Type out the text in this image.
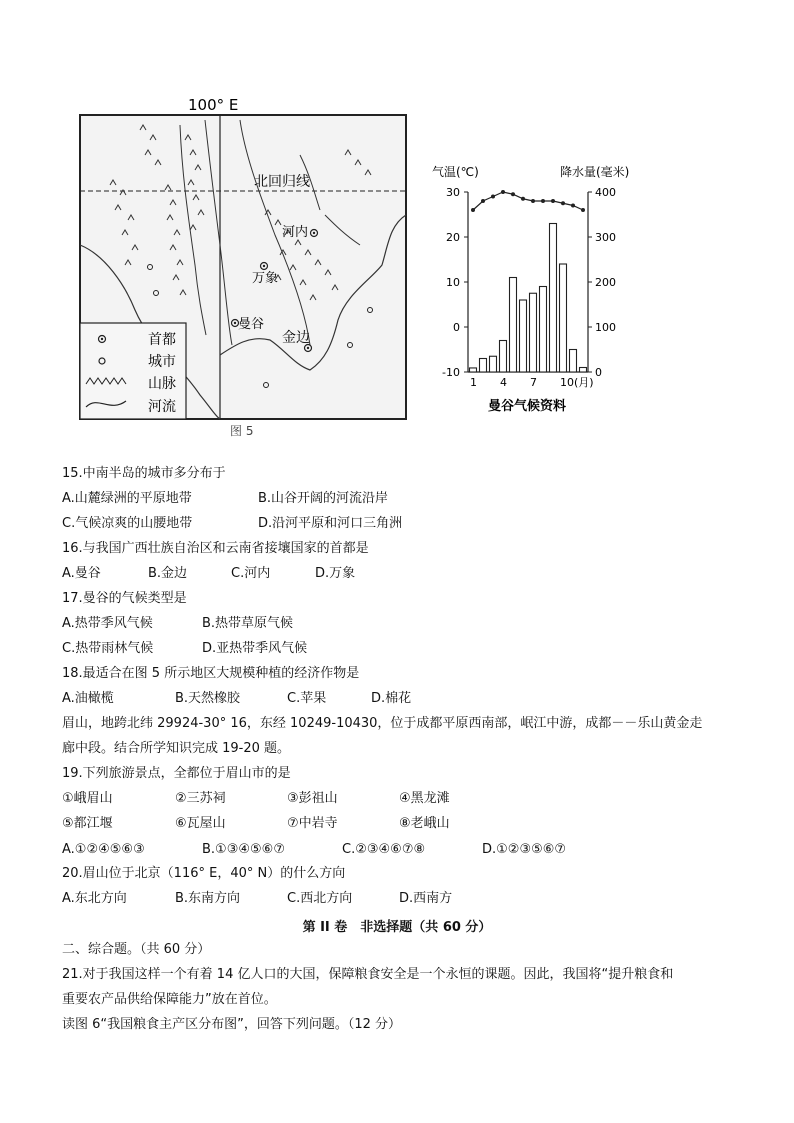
100° E
北回归线
河内
万象
曼谷
金边
首都
城市
山脉
河流
图 5
气温(℃)	降水量(毫米)
30
20
10
0
-10
400
300
200
100
0
1 4 7 10(月)
曼谷气候资料
15.中南半岛的城市多分布于
A.山麓绿洲的平原地带	B.山谷开阔的河流沿岸
C.气候凉爽的山腰地带	D.沿河平原和河口三角洲
16.与我国广西壮族自治区和云南省接壤国家的首都是
A.曼谷	B.金边	C.河内	D.万象
17.曼谷的气候类型是
A.热带季风气候	B.热带草原气候
C.热带雨林气候	D.亚热带季风气候
18.最适合在图 5 所示地区大规模种植的经济作物是
A.油橄榄	B.天然橡胶	C.苹果	D.棉花
眉山，地跨北纬 29924-30° 16，东经 10249-10430，位于成都平原西南部，岷江中游，成都－－乐山黄金走
廊中段。结合所学知识完成 19-20 题。
19.下列旅游景点，全都位于眉山市的是
①峨眉山	②三苏祠	③彭祖山	④黑龙滩
⑤都江堰	⑥瓦屋山	⑦中岩寺	⑧老峨山
A.①②④⑤⑥③	B.①③④⑤⑥⑦	C.②③④⑥⑦⑧	D.①②③⑤⑥⑦
20.眉山位于北京（116° E，40° N）的什么方向
A.东北方向	B.东南方向	C.西北方向	D.西南方
第 II 卷　非选择题（共 60 分）
二、综合题。（共 60 分）
21.对于我国这样一个有着 14 亿人口的大国，保障粮食安全是一个永恒的课题。因此，我国将“提升粮食和
重要农产品供给保障能力”放在首位。
读图 6“我国粮食主产区分布图”，回答下列问题。（12 分）
